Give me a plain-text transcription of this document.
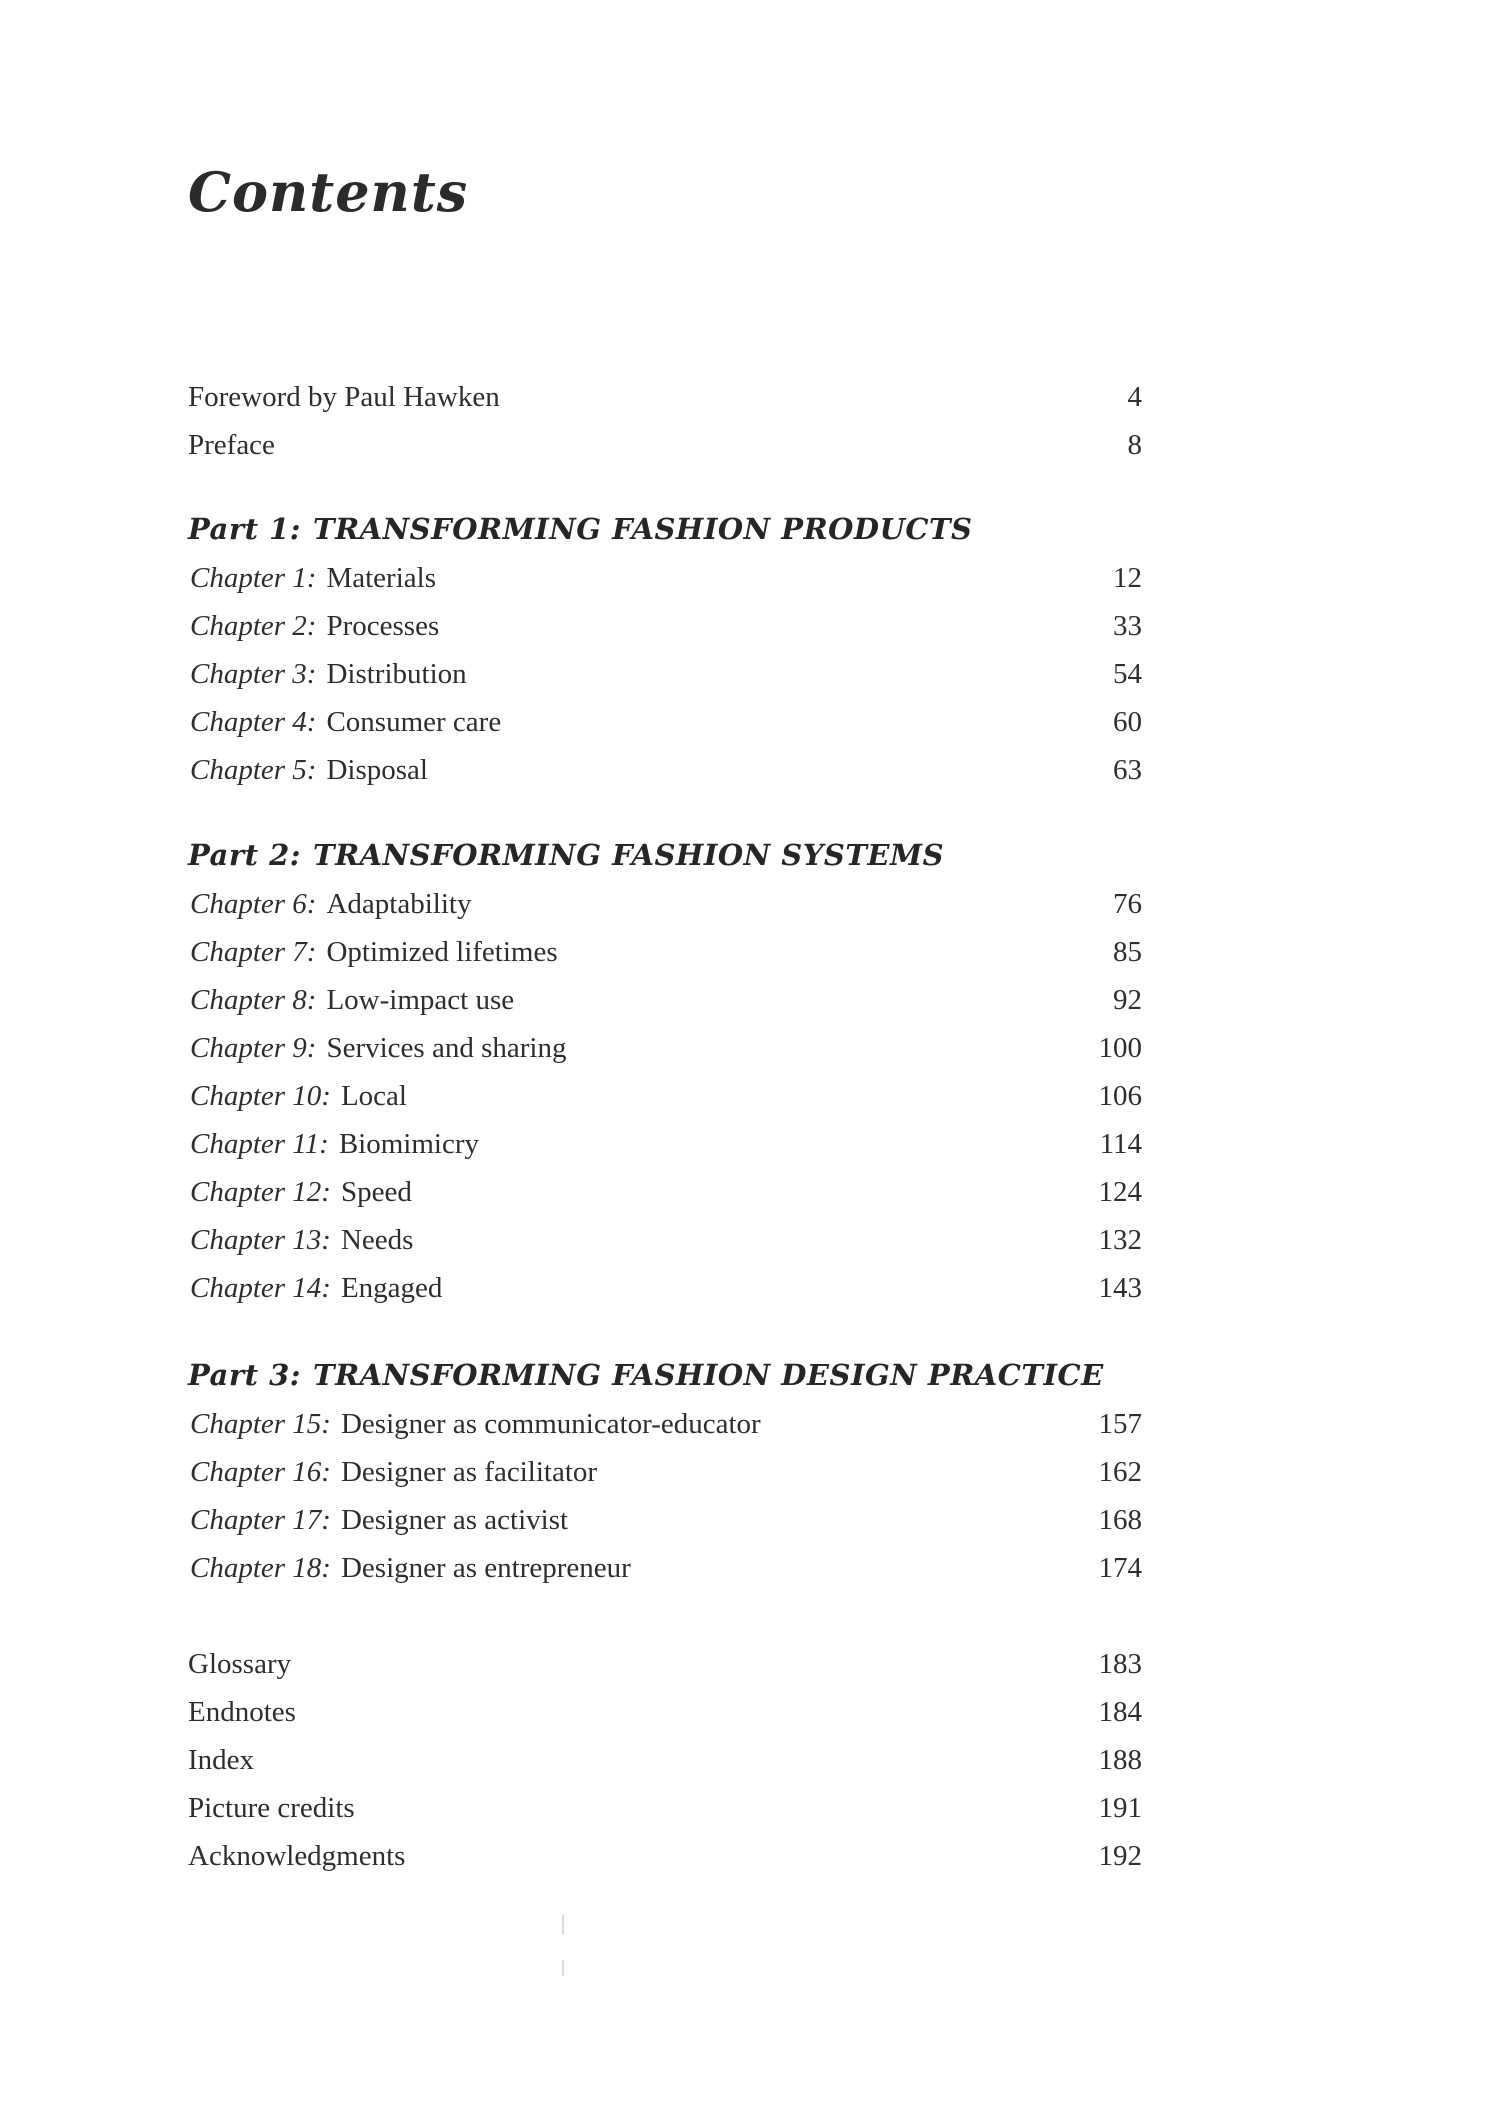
Contents
Foreword by Paul Hawken	4
Preface	8
Part 1: TRANSFORMING FASHION PRODUCTS
Chapter 1: Materials	12
Chapter 2: Processes	33
Chapter 3: Distribution	54
Chapter 4: Consumer care	60
Chapter 5: Disposal	63
Part 2: TRANSFORMING FASHION SYSTEMS
Chapter 6: Adaptability	76
Chapter 7: Optimized lifetimes	85
Chapter 8: Low-impact use	92
Chapter 9: Services and sharing	100
Chapter 10: Local	106
Chapter 11: Biomimicry	114
Chapter 12: Speed	124
Chapter 13: Needs	132
Chapter 14: Engaged	143
Part 3: TRANSFORMING FASHION DESIGN PRACTICE
Chapter 15: Designer as communicator-educator	157
Chapter 16: Designer as facilitator	162
Chapter 17: Designer as activist	168
Chapter 18: Designer as entrepreneur	174
Glossary	183
Endnotes	184
Index	188
Picture credits	191
Acknowledgments	192
